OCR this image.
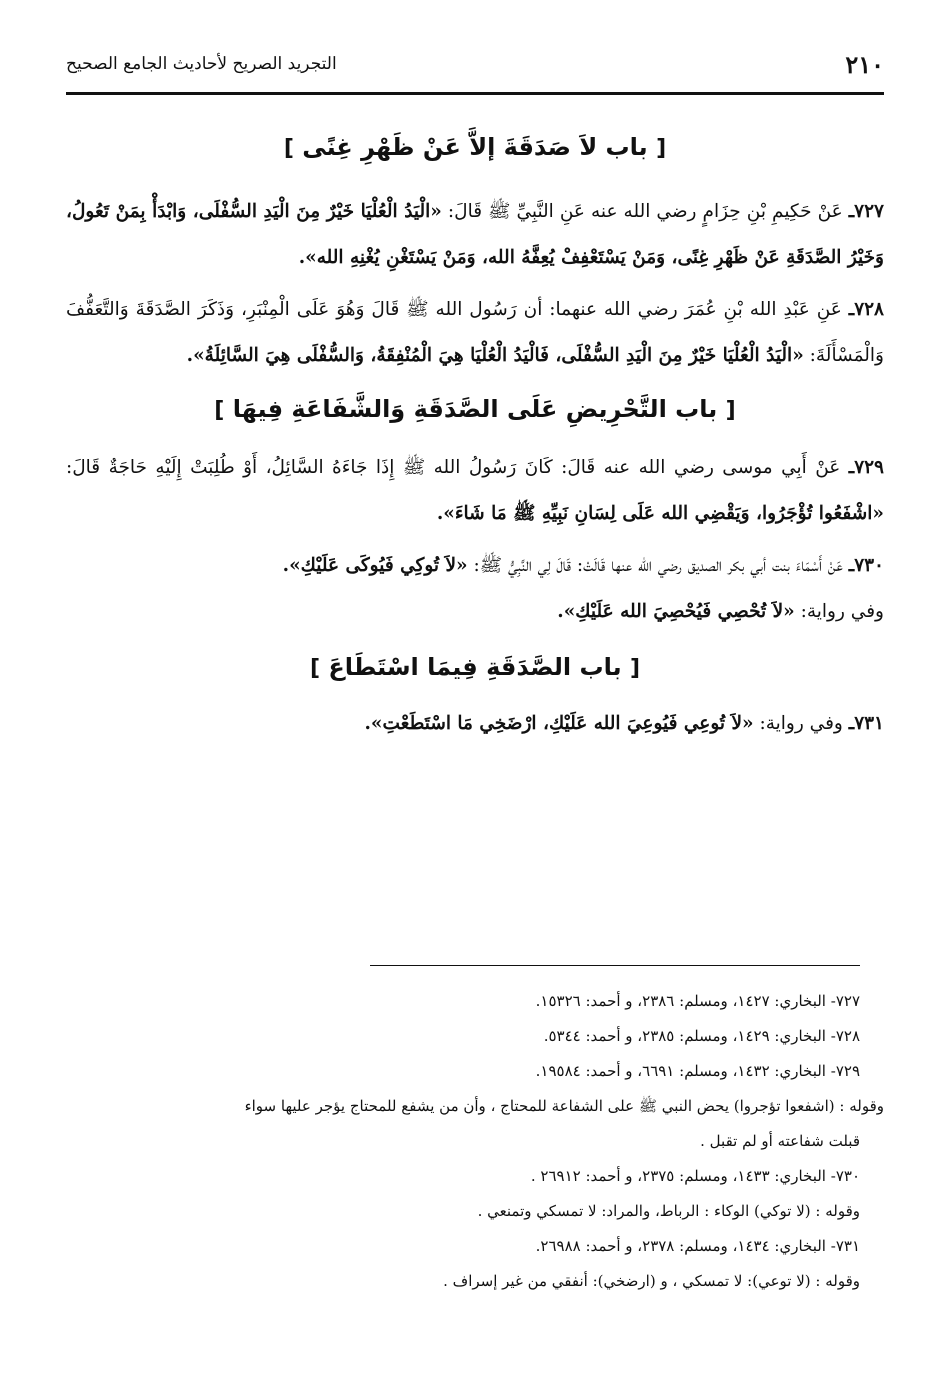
٢١٠
التجريد الصريح لأحاديث الجامع الصحيح
[ باب لاَ صَدَقَةَ إلاَّ عَنْ ظَهْرِ غِنًى ]

٧٢٧ـ عَنْ حَكِيمِ بْنِ حِزَامٍ رضي الله عنه عَنِ النَّبِيِّ ﷺ قَالَ: «الْيَدُ الْعُلْيَا خَيْرٌ مِنَ الْيَدِ السُّفْلَى، وَابْدَأْ بِمَنْ تَعُولُ، وَخَيْرُ الصَّدَقَةِ عَنْ ظَهْرِ غِنًى، وَمَنْ يَسْتَعْفِفْ يُعِفَّهُ الله، وَمَنْ يَسْتَغْنِ يُغْنِهِ الله».

٧٢٨ـ عَنِ عَبْدِ الله بْنِ عُمَرَ رضي الله عنهما: أن رَسُول الله ﷺ قَالَ وَهُوَ عَلَى الْمِنْبَرِ، وَذَكَرَ الصَّدَقَةَ وَالتَّعَفُّفَ وَالْمَسْأَلَةَ: «الْيَدُ الْعُلْيَا خَيْرٌ مِنَ الْيَدِ السُّفْلَى، فَالْيَدُ الْعُلْيَا هِيَ الْمُنْفِقَةُ، وَالسُّفْلَى هِيَ السَّائِلَةُ».

[ باب التَّحْرِيضِ عَلَى الصَّدَقَةِ وَالشَّفَاعَةِ فِيهَا ]

٧٢٩ـ عَنْ أَبِي موسى رضي الله عنه قَالَ: كَانَ رَسُولُ الله ﷺ إِذَا جَاءَهُ السَّائِلُ، أَوْ طُلِبَتْ إِلَيْهِ حَاجَةٌ قَالَ: «اشْفَعُوا تُؤْجَرُوا، وَيَقْضِي الله عَلَى لِسَانِ نَبِيِّهِ ﷺ مَا شَاءَ».

٧٣٠ـ عَنْ أَسْمَاءَ بنت أبي بكر الصديق رضي الله عنها قَالَتْ: قَالَ لِي النَّبِيُّ ﷺ: «لاَ تُوكِي فَيُوكَى عَلَيْكِ».

وفي رواية: «لاَ تُحْصِي فَيُحْصِيَ الله عَلَيْكِ».

[ باب الصَّدَقَةِ فِيمَا اسْتَطَاعَ ]

٧٣١ـ وفي رواية: «لاَ تُوعِي فَيُوعِيَ الله عَلَيْكِ، ارْضَخِي مَا اسْتَطَعْتِ».

٧٢٧- البخاري: ١٤٢٧، ومسلم: ٢٣٨٦، و أحمد: ١٥٣٢٦.

٧٢٨- البخاري: ١٤٢٩، ومسلم: ٢٣٨٥، و أحمد: ٥٣٤٤.

٧٢٩- البخاري: ١٤٣٢، ومسلم: ٦٦٩١، و أحمد: ١٩٥٨٤.

وقوله : (اشفعوا تؤجروا) يحض النبي ﷺ على الشفاعة للمحتاج ، وأن من يشفع للمحتاج يؤجر عليها سواء

قبلت شفاعته أو لم تقبل .

٧٣٠- البخاري: ١٤٣٣، ومسلم: ٢٣٧٥، و أحمد: ٢٦٩١٢ .

وقوله : (لا توكي) الوكاء : الرباط، والمراد: لا تمسكي وتمنعي .

٧٣١- البخاري: ١٤٣٤، ومسلم: ٢٣٧٨، و أحمد: ٢٦٩٨٨.

وقوله : (لا توعي): لا تمسكي ، و (ارضخي): أنفقي من غير إسراف .
